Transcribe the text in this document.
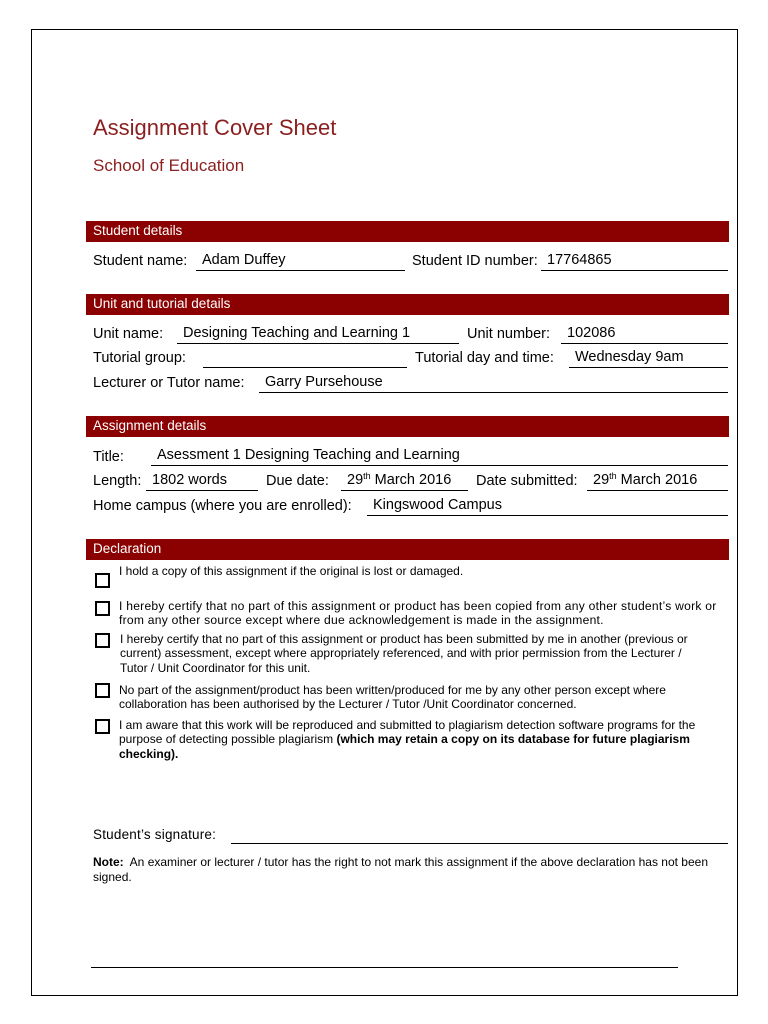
Assignment Cover Sheet
School of Education
Student details
Student name:	Adam Duffey	Student ID number: 17764865
Unit and tutorial details
Unit name:	Designing Teaching and Learning 1	Unit number:	102086
Tutorial group:	Tutorial day and time:	Wednesday 9am
Lecturer or Tutor name:	Garry Pursehouse
Assignment details
Title:	Asessment 1 Designing Teaching and Learning
Length: 1802 words	Due date:	29th March 2016	Date submitted:	29th March 2016
Home campus (where you are enrolled):	Kingswood Campus
Declaration
I hold a copy of this assignment if the original is lost or damaged.
I hereby certify that no part of this assignment or product has been copied from any other student’s work or from any other source except where due acknowledgement is made in the assignment.
I hereby certify that no part of this assignment or product has been submitted by me in another (previous or current) assessment, except where appropriately referenced, and with prior permission from the Lecturer / Tutor / Unit Coordinator for this unit.
No part of the assignment/product has been written/produced for me by any other person except where collaboration has been authorised by the Lecturer / Tutor /Unit Coordinator concerned.
I am aware that this work will be reproduced and submitted to plagiarism detection software programs for the purpose of detecting possible plagiarism (which may retain a copy on its database for future plagiarism checking).
Student’s signature:
Note:  An examiner or lecturer / tutor has the right to not mark this assignment if the above declaration has not been signed.
